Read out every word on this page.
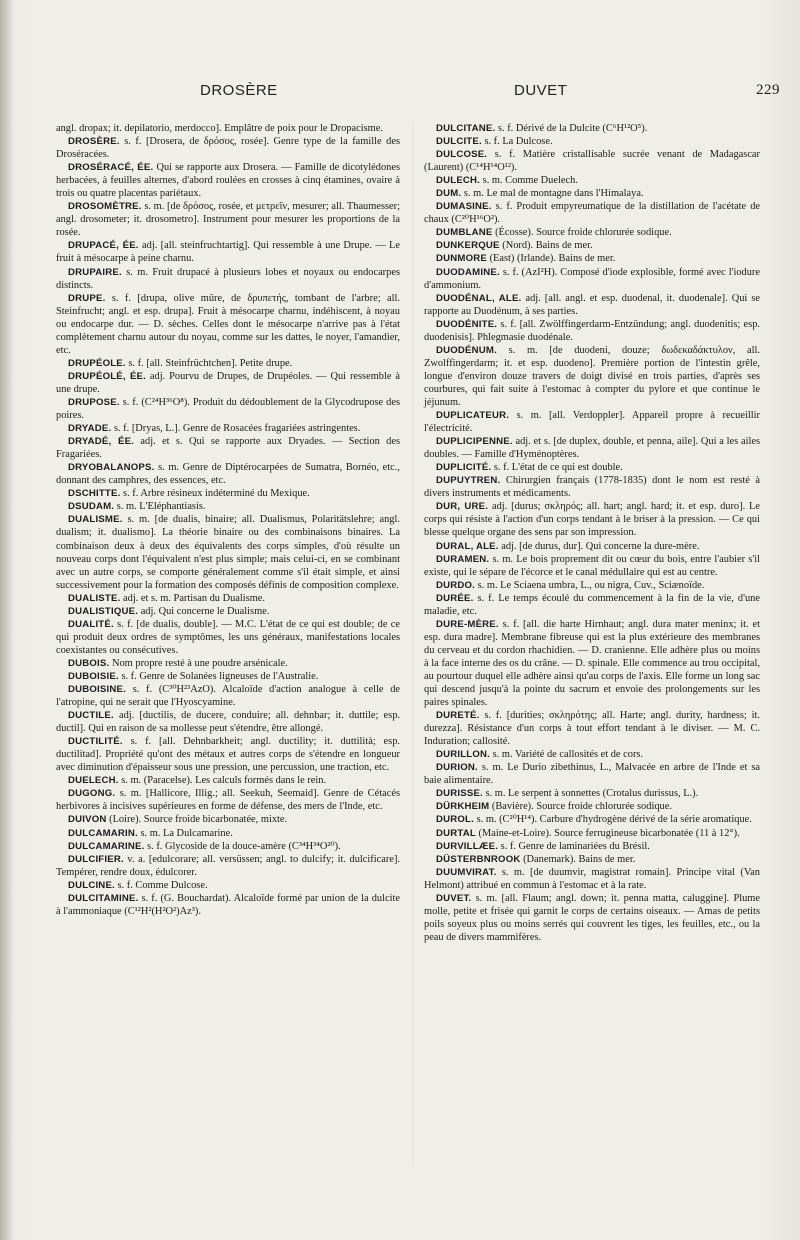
DROSÈRE	DUVET	229

angl. dropax; it. depilatorio, merdocco]. Emplâtre de poix pour le Dropacisme.

DROSÈRE. s. f. [Drosera, de δρόσος, rosée]. Genre type de la famille des Droséracées.

DROSÉRACÉ, ÉE. Qui se rapporte aux Drosera. — Famille de dicotylédones herbacées, à feuilles alternes, d'abord roulées en crosses à cinq étamines, ovaire à trois ou quatre placentas pariétaux.

DROSOMÈTRE. s. m. [de δρόσος, rosée, et μετρεῖν, mesurer; all. Thaumesser; angl. drosometer; it. drosometro]. Instrument pour mesurer les proportions de la rosée.

DRUPACÉ, ÉE. adj. [all. steinfruchtartig]. Qui ressemble à une Drupe. — Le fruit à mésocarpe à peine charnu.

DRUPAIRE. s. m. Fruit drupacé à plusieurs lobes et noyaux ou endocarpes distincts.

DRUPE. s. f. [drupa, olive mûre, de δρυπετής, tombant de l'arbre; all. Steinfrucht; angl. et esp. drupa]. Fruit à mésocarpe charnu, indéhiscent, à noyau ou endocarpe dur. — D. sèches. Celles dont le mésocarpe n'arrive pas à l'état complètement charnu autour du noyau, comme sur les dattes, le noyer, l'amandier, etc.

DRUPÉOLE. s. f. [all. Steinfrüchtchen]. Petite drupe.

DRUPÉOLÉ, ÉE. adj. Pourvu de Drupes, de Drupéoles. — Qui ressemble à une drupe.

DRUPOSE. s. f. (C²⁴H³⁶O⁸). Produit du dédoublement de la Glycodrupose des poires.

DRYADE. s. f. [Dryas, L.]. Genre de Rosacées fragariées astringentes.

DRYADÉ, ÉE. adj. et s. Qui se rapporte aux Dryades. — Section des Fragariées.

DRYOBALANOPS. s. m. Genre de Diptérocarpées de Sumatra, Bornéo, etc., donnant des camphres, des essences, etc.

DSCHITTE. s. f. Arbre résineux indéterminé du Mexique.

DSUDAM. s. m. L'Eléphantiasis.

DUALISME. s. m. [de dualis, binaire; all. Dualismus, Polaritätslehre; angl. dualism; it. dualismo]. La théorie binaire ou des combinaisons binaires. La combinaison deux à deux des équivalents des corps simples, d'où résulte un nouveau corps dont l'équivalent n'est plus simple; mais celui-ci, en se combinant avec un autre corps, se comporte généralement comme s'il était simple, et ainsi successivement pour la formation des composés définis de composition complexe.

DUALISTE. adj. et s. m. Partisan du Dualisme.

DUALISTIQUE. adj. Qui concerne le Dualisme.

DUALITÉ. s. f. [de dualis, double]. — M.C. L'état de ce qui est double; de ce qui produit deux ordres de symptômes, les uns généraux, manifestations locales coexistantes ou consécutives.

DUBOIS. Nom propre resté à une poudre arsénicale.

DUBOISIE. s. f. Genre de Solanées ligneuses de l'Australie.

DUBOISINE. s. f. (C³⁰H²³AzO). Alcaloïde d'action analogue à celle de l'atropine, qui ne serait que l'Hyoscyamine.

DUCTILE. adj. [ductilis, de ducere, conduire; all. dehnbar; it. duttile; esp. ductil]. Qui en raison de sa mollesse peut s'étendre, être allongé.

DUCTILITÉ. s. f. [all. Dehnbarkheit; angl. ductility; it. duttilità; esp. ductilitad]. Propriété qu'ont des métaux et autres corps de s'étendre en longueur avec diminution d'épaisseur sous une pression, une percussion, une traction, etc.

DUELECH. s. m. (Paracelse). Les calculs formés dans le rein.

DUGONG. s. m. [Hallicore, Illig.; all. Seekuh, Seemaid]. Genre de Cétacés herbivores à incisives supérieures en forme de défense, des mers de l'Inde, etc.

DUIVON (Loire). Source froide bicarbonatée, mixte.

DULCAMARIN. s. m. La Dulcamarine.

DULCAMARINE. s. f. Glycoside de la douce-amère (C³⁴H³⁴O²⁰).

DULCIFIER. v. a. [edulcorare; all. versüssen; angl. to dulcify; it. dulcificare]. Tempérer, rendre doux, édulcorer.

DULCINE. s. f. Comme Dulcose.

DULCITAMINE. s. f. (G. Bouchardat). Alcaloïde formé par union de la dulcite à l'ammoniaque (C¹²H²(H²O²)Az³).

DULCITANE. s. f. Dérivé de la Dulcite (C⁶H¹²O⁵).

DULCITE. s. f. La Dulcose.

DULCOSE. s. f. Matière cristallisable sucrée venant de Madagascar (Laurent) (C¹⁴H¹⁴O¹²).

DULECH. s. m. Comme Duelech.

DUM. s. m. Le mal de montagne dans l'Himalaya.

DUMASINE. s. f. Produit empyreumatique de la distillation de l'acétate de chaux (C²⁰H¹⁶O²).

DUMBLANE (Écosse). Source froide chlorurée sodique.

DUNKERQUE (Nord). Bains de mer.

DUNMORE (East) (Irlande). Bains de mer.

DUODAMINE. s. f. (AzI²H). Composé d'iode explosible, formé avec l'iodure d'ammonium.

DUODÉNAL, ALE. adj. [all. angl. et esp. duodenal, it. duodenale]. Qui se rapporte au Duodénum, à ses parties.

DUODÉNITE. s. f. [all. Zwölffingerdarm-Entzündung; angl. duodenitis; esp. duodenisis]. Phlegmasie duodénale.

DUODÉNUM. s. m. [de duodeni, douze; δωδεκαδάκτυλον, all. Zwolffingerdarm; it. et esp. duodeno]. Première portion de l'intestin grêle, longue d'environ douze travers de doigt divisé en trois parties, d'après ses courbures, qui fait suite à l'estomac à compter du pylore et que continue le jéjunum.

DUPLICATEUR. s. m. [all. Verdoppler]. Appareil propre à recueillir l'électricité.

DUPLICIPENNE. adj. et s. [de duplex, double, et penna, aile]. Qui a les ailes doubles. — Famille d'Hyménoptères.

DUPLICITÉ. s. f. L'état de ce qui est double.

DUPUYTREN. Chirurgien français (1778-1835) dont le nom est resté à divers instruments et médicaments.

DUR, URE. adj. [durus; σκληρός; all. hart; angl. hard; it. et esp. duro]. Le corps qui résiste à l'action d'un corps tendant à le briser à la pression. — Ce qui blesse quelque organe des sens par son impression.

DURAL, ALE. adj. [de durus, dur]. Qui concerne la dure-mère.

DURAMEN. s. m. Le bois proprement dit ou cœur du bois, entre l'aubier s'il existe, qui le sépare de l'écorce et le canal médullaire qui est au centre.

DURDO. s. m. Le Sciaena umbra, L., ou nigra, Cuv., Sciænoïde.

DURÉE. s. f. Le temps écoulé du commencement à la fin de la vie, d'une maladie, etc.

DURE-MÈRE. s. f. [all. die harte Hirnhaut; angl. dura mater meninx; it. et esp. dura madre]. Membrane fibreuse qui est la plus extérieure des membranes du cerveau et du cordon rhachidien. — D. cranienne. Elle adhère plus ou moins à la face interne des os du crâne. — D. spinale. Elle commence au trou occipital, au pourtour duquel elle adhère ainsi qu'au corps de l'axis. Elle forme un long sac qui descend jusqu'à la pointe du sacrum et envoie des prolongements sur les paires spinales.

DURETÉ. s. f. [durities; σκληρότης; all. Harte; angl. durity, hardness; it. durezza]. Résistance d'un corps à tout effort tendant à le diviser. — M. C. Induration; callosité.

DURILLON. s. m. Variété de callosités et de cors.

DURION. s. m. Le Durio zibethinus, L., Malvacée en arbre de l'Inde et sa baie alimentaire.

DURISSE. s. m. Le serpent à sonnettes (Crotalus durissus, L.).

DÜRKHEIM (Bavière). Source froide chlorurée sodique.

DUROL. s. m. (C²⁰H¹⁴). Carbure d'hydrogène dérivé de la série aromatique.

DURTAL (Maine-et-Loire). Source ferrugineuse bicarbonatée (11 à 12°).

DURVILLÆE. s. f. Genre de laminariées du Brésil.

DÜSTERBNROOK (Danemark). Bains de mer.

DUUMVIRAT. s. m. [de duumvir, magistrat romain]. Principe vital (Van Helmont) attribué en commun à l'estomac et à la rate.

DUVET. s. m. [all. Flaum; angl. down; it. penna matta, caluggine]. Plume molle, petite et frisée qui garnit le corps de certains oiseaux. — Amas de petits poils soyeux plus ou moins serrés qui couvrent les tiges, les feuilles, etc., ou la peau de divers mammifères.
